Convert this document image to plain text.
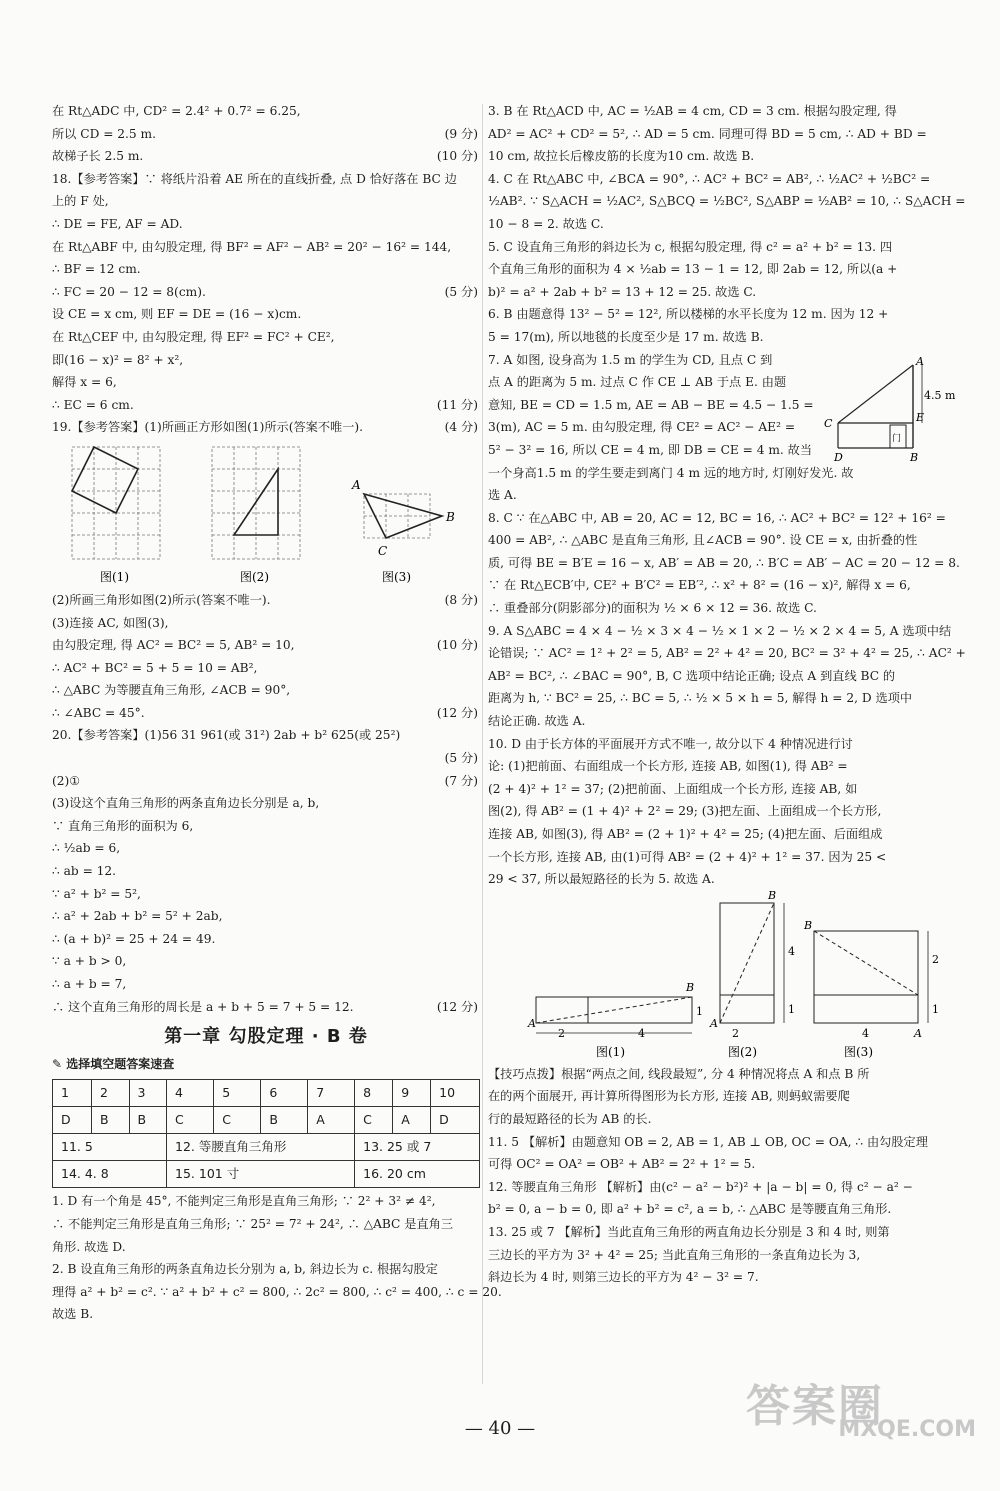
在 Rt△ADC 中, CD² = 2.4² + 0.7² = 6.25,
所以 CD = 2.5 m.	(9 分)
故梯子长 2.5 m.	(10 分)
18.【参考答案】∵ 将纸片沿着 AE 所在的直线折叠, 点 D 恰好落在 BC 边
上的 F 处,
∴ DE = FE, AF = AD.
在 Rt△ABF 中, 由勾股定理, 得 BF² = AF² − AB² = 20² − 16² = 144,
∴ BF = 12 cm.
∴ FC = 20 − 12 = 8(cm).	(5 分)
设 CE = x cm, 则 EF = DE = (16 − x)cm.
在 Rt△CEF 中, 由勾股定理, 得 EF² = FC² + CE²,
即(16 − x)² = 8² + x²,
解得 x = 6,
∴ EC = 6 cm.	(11 分)
19.【参考答案】(1)所画正方形如图(1)所示(答案不唯一).	(4 分)
A
B
C
图(1)	图(2)	图(3)
(2)所画三角形如图(2)所示(答案不唯一).	(8 分)
(3)连接 AC, 如图(3),
由勾股定理, 得 AC² = BC² = 5, AB² = 10,	(10 分)
∴ AC² + BC² = 5 + 5 = 10 = AB²,
∴ △ABC 为等腰直角三角形, ∠ACB = 90°,
∴ ∠ABC = 45°.	(12 分)
20.【参考答案】(1)56 31 961(或 31²) 2ab + b² 625(或 25²)
(5 分)
(2)①	(7 分)
(3)设这个直角三角形的两条直角边长分别是 a, b,
∵ 直角三角形的面积为 6,
∴ ½ab = 6,
∴ ab = 12.
∵ a² + b² = 5²,
∴ a² + 2ab + b² = 5² + 2ab,
∴ (a + b)² = 25 + 24 = 49.
∵ a + b > 0,
∴ a + b = 7,
∴ 这个直角三角形的周长是 a + b + 5 = 7 + 5 = 12.	(12 分)
第一章 勾股定理 · B 卷
✎ 选择填空题答案速查
1	2	3	4	5	6	7	8	9	10
D	B	B	C	C	B	A	C	A	D
11. 5			12. 等腰直角三角形				13. 25 或 7		
14. 4. 8			15. 101 寸				16. 20 cm		
1. D 有一个角是 45°, 不能判定三角形是直角三角形; ∵ 2² + 3² ≠ 4²,
∴ 不能判定三角形是直角三角形; ∵ 25² = 7² + 24², ∴ △ABC 是直角三
角形. 故选 D.
2. B 设直角三角形的两条直角边长分别为 a, b, 斜边长为 c. 根据勾股定
理得 a² + b² = c². ∵ a² + b² + c² = 800, ∴ 2c² = 800, ∴ c² = 400, ∴ c = 20.
故选 B.
3. B 在 Rt△ACD 中, AC = ½AB = 4 cm, CD = 3 cm. 根据勾股定理, 得
AD² = AC² + CD² = 5², ∴ AD = 5 cm. 同理可得 BD = 5 cm, ∴ AD + BD =
10 cm, 故拉长后橡皮筋的长度为10 cm. 故选 B.
4. C 在 Rt△ABC 中, ∠BCA = 90°, ∴ AC² + BC² = AB², ∴ ½AC² + ½BC² =
½AB². ∵ S△ACH = ½AC², S△BCQ = ½BC², S△ABP = ½AB² = 10, ∴ S△ACH =
10 − 8 = 2. 故选 C.
5. C 设直角三角形的斜边长为 c, 根据勾股定理, 得 c² = a² + b² = 13. 四
个直角三角形的面积为 4 × ½ab = 13 − 1 = 12, 即 2ab = 12, 所以(a +
b)² = a² + 2ab + b² = 13 + 12 = 25. 故选 C.
6. B 由题意得 13² − 5² = 12², 所以楼梯的水平长度为 12 m. 因为 12 +
5 = 17(m), 所以地毯的长度至少是 17 m. 故选 B.
7. A 如图, 设身高为 1.5 m 的学生为 CD, 且点 C 到
点 A 的距离为 5 m. 过点 C 作 CE ⊥ AB 于点 E. 由题
意知, BE = CD = 1.5 m, AE = AB − BE = 4.5 − 1.5 =
3(m), AC = 5 m. 由勾股定理, 得 CE² = AC² − AE² =
5² − 3² = 16, 所以 CE = 4 m, 即 DB = CE = 4 m. 故当
一个身高1.5 m 的学生要走到离门 4 m 远的地方时, 灯刚好发光. 故
选 A.
A
B
C
D
E
4.5 m
门
8. C ∵ 在△ABC 中, AB = 20, AC = 12, BC = 16, ∴ AC² + BC² = 12² + 16² =
400 = AB², ∴ △ABC 是直角三角形, 且∠ACB = 90°. 设 CE = x, 由折叠的性
质, 可得 BE = B′E = 16 − x, AB′ = AB = 20, ∴ B′C = AB′ − AC = 20 − 12 = 8.
∵ 在 Rt△ECB′中, CE² + B′C² = EB′², ∴ x² + 8² = (16 − x)², 解得 x = 6,
∴ 重叠部分(阴影部分)的面积为 ½ × 6 × 12 = 36. 故选 C.
9. A S△ABC = 4 × 4 − ½ × 3 × 4 − ½ × 1 × 2 − ½ × 2 × 4 = 5, A 选项中结
论错误; ∵ AC² = 1² + 2² = 5, AB² = 2² + 4² = 20, BC² = 3² + 4² = 25, ∴ AC² +
AB² = BC², ∴ ∠BAC = 90°, B, C 选项中结论正确; 设点 A 到直线 BC 的
距离为 h, ∵ BC² = 25, ∴ BC = 5, ∴ ½ × 5 × h = 5, 解得 h = 2, D 选项中
结论正确. 故选 A.
10. D 由于长方体的平面展开方式不唯一, 故分以下 4 种情况进行讨
论: (1)把前面、右面组成一个长方形, 连接 AB, 如图(1), 得 AB² =
(2 + 4)² + 1² = 37; (2)把前面、上面组成一个长方形, 连接 AB, 如
图(2), 得 AB² = (1 + 4)² + 2² = 29; (3)把左面、上面组成一个长方形,
连接 AB, 如图(3), 得 AB² = (2 + 1)² + 4² = 25; (4)把左面、后面组成
一个长方形, 连接 AB, 由(1)可得 AB² = (2 + 4)² + 1² = 37. 因为 25 <
29 < 37, 所以最短路径的长为 5. 故选 A.
A
B
2	4
1
图(1)
A
B
4
1
2
图(2)
B
A
2
1
4
图(3)
【技巧点拨】根据“两点之间, 线段最短”, 分 4 种情况将点 A 和点 B 所
在的两个面展开, 再计算所得图形为长方形, 连接 AB, 则蚂蚁需要爬
行的最短路径的长为 AB 的长.
11. 5 【解析】由题意知 OB = 2, AB = 1, AB ⊥ OB, OC = OA, ∴ 由勾股定理
可得 OC² = OA² = OB² + AB² = 2² + 1² = 5.
12. 等腰直角三角形 【解析】由(c² − a² − b²)² + |a − b| = 0, 得 c² − a² −
b² = 0, a − b = 0, 即 a² + b² = c², a = b, ∴ △ABC 是等腰直角三角形.
13. 25 或 7 【解析】当此直角三角形的两直角边长分别是 3 和 4 时, 则第
三边长的平方为 3² + 4² = 25; 当此直角三角形的一条直角边长为 3,
斜边长为 4 时, 则第三边长的平方为 4² − 3² = 7.
— 40 —	答案圈
MXQE.COM
